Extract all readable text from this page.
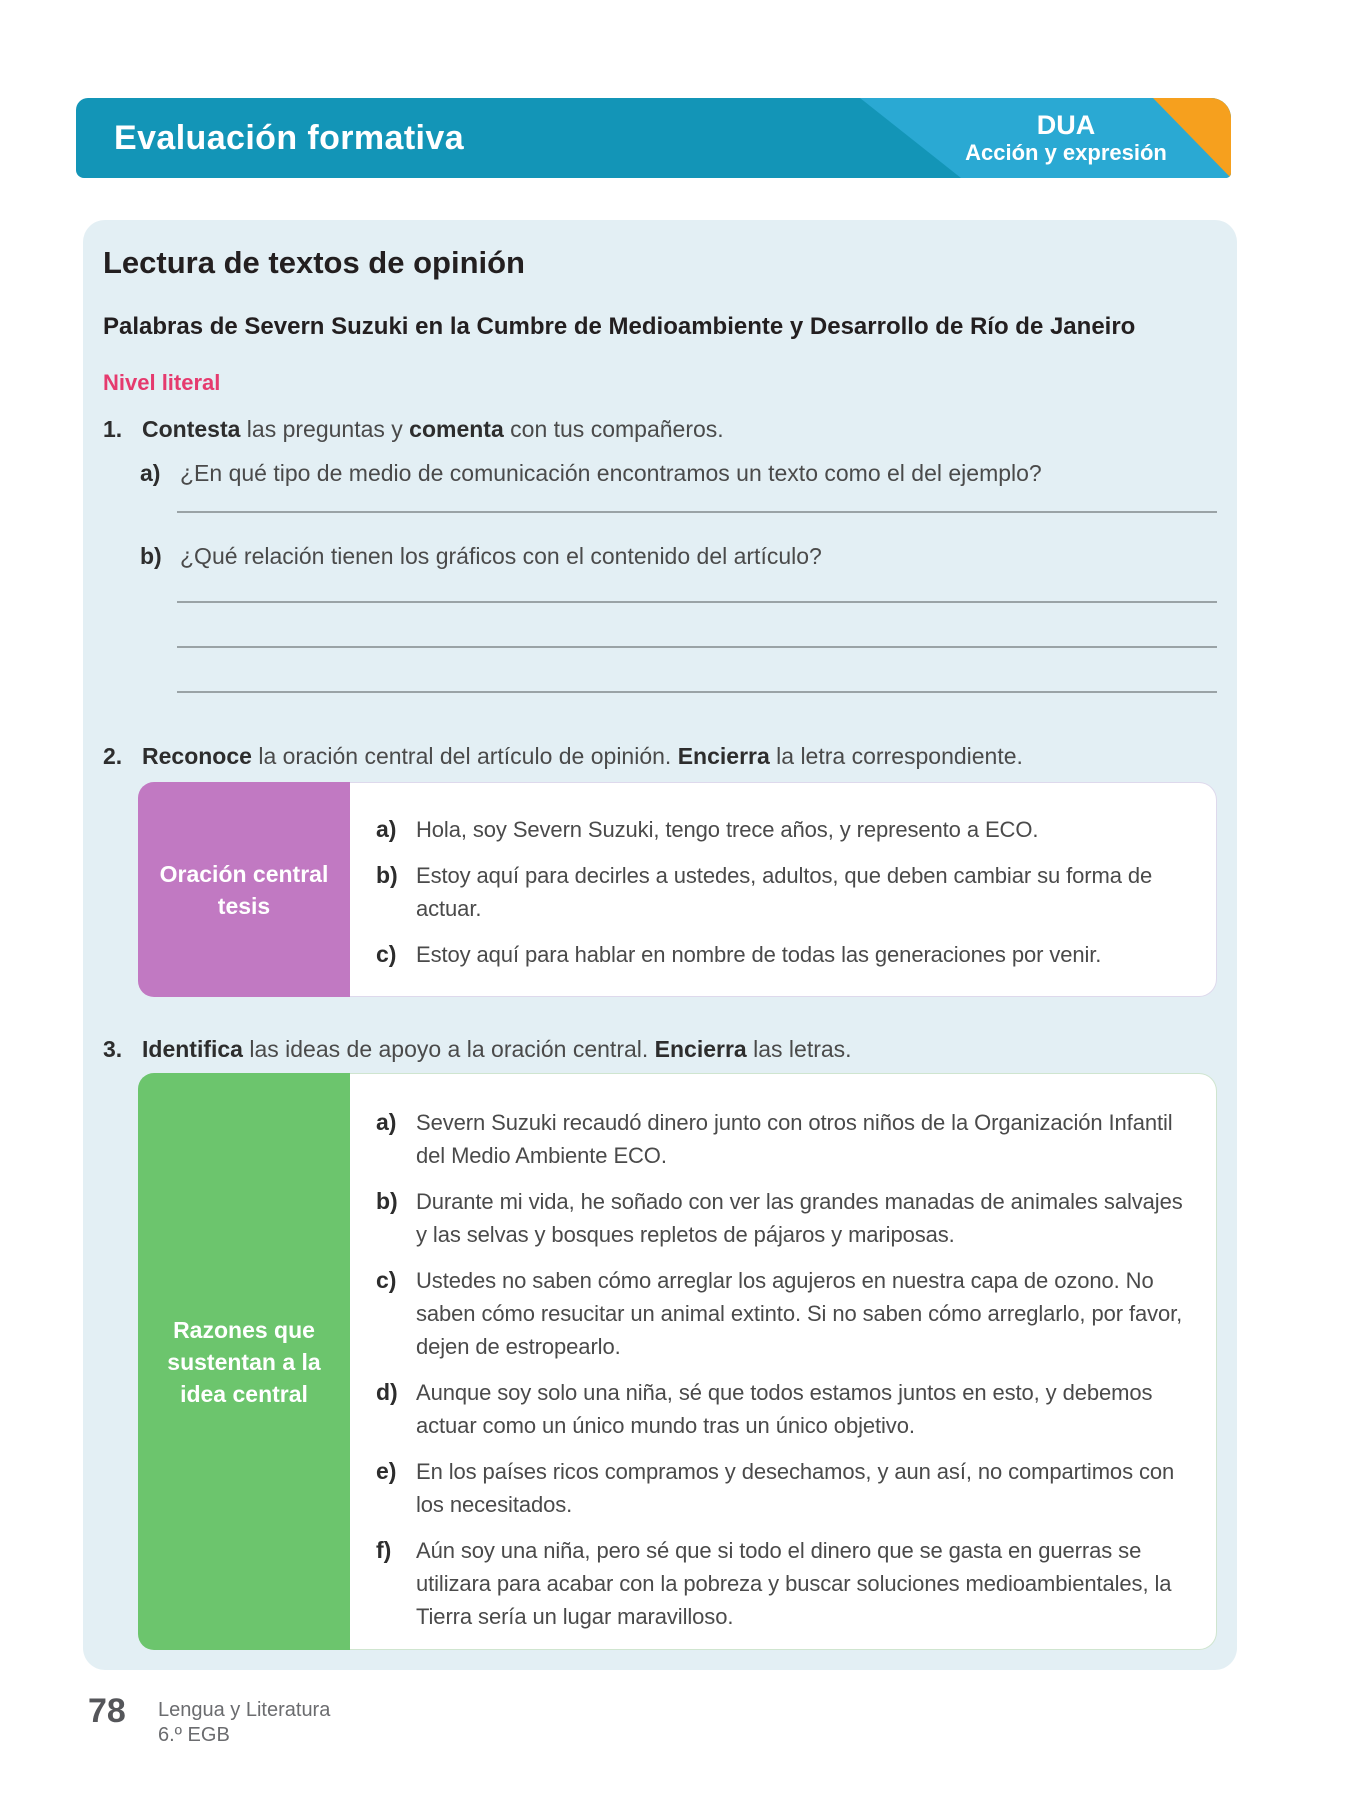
Evaluación formativa	DUA
Acción y expresión
Lectura de textos de opinión
Palabras de Severn Suzuki en la Cumbre de Medioambiente y Desarrollo de Río de Janeiro
Nivel literal
1. Contesta las preguntas y comenta con tus compañeros.
a) ¿En qué tipo de medio de comunicación encontramos un texto como el del ejemplo?
b) ¿Qué relación tienen los gráficos con el contenido del artículo?
2. Reconoce la oración central del artículo de opinión. Encierra la letra correspondiente.
Oración central
tesis
a) Hola, soy Severn Suzuki, tengo trece años, y represento a ECO.
b) Estoy aquí para decirles a ustedes, adultos, que deben cambiar su forma de actuar.
c) Estoy aquí para hablar en nombre de todas las generaciones por venir.
3. Identifica las ideas de apoyo a la oración central. Encierra las letras.
Razones que
sustentan a la
idea central
a) Severn Suzuki recaudó dinero junto con otros niños de la Organización Infantil del Medio Ambiente ECO.
b) Durante mi vida, he soñado con ver las grandes manadas de animales salvajes y las selvas y bosques repletos de pájaros y mariposas.
c) Ustedes no saben cómo arreglar los agujeros en nuestra capa de ozono. No saben cómo resucitar un animal extinto. Si no saben cómo arreglarlo, por favor, dejen de estropearlo.
d) Aunque soy solo una niña, sé que todos estamos juntos en esto, y debemos actuar como un único mundo tras un único objetivo.
e) En los países ricos compramos y desechamos, y aun así, no compartimos con los necesitados.
f)	Aún soy una niña, pero sé que si todo el dinero que se gasta en guerras se utilizara para acabar con la pobreza y buscar soluciones medioambientales, la Tierra sería un lugar maravilloso.
78 Lengua y Literatura
6.º EGB
